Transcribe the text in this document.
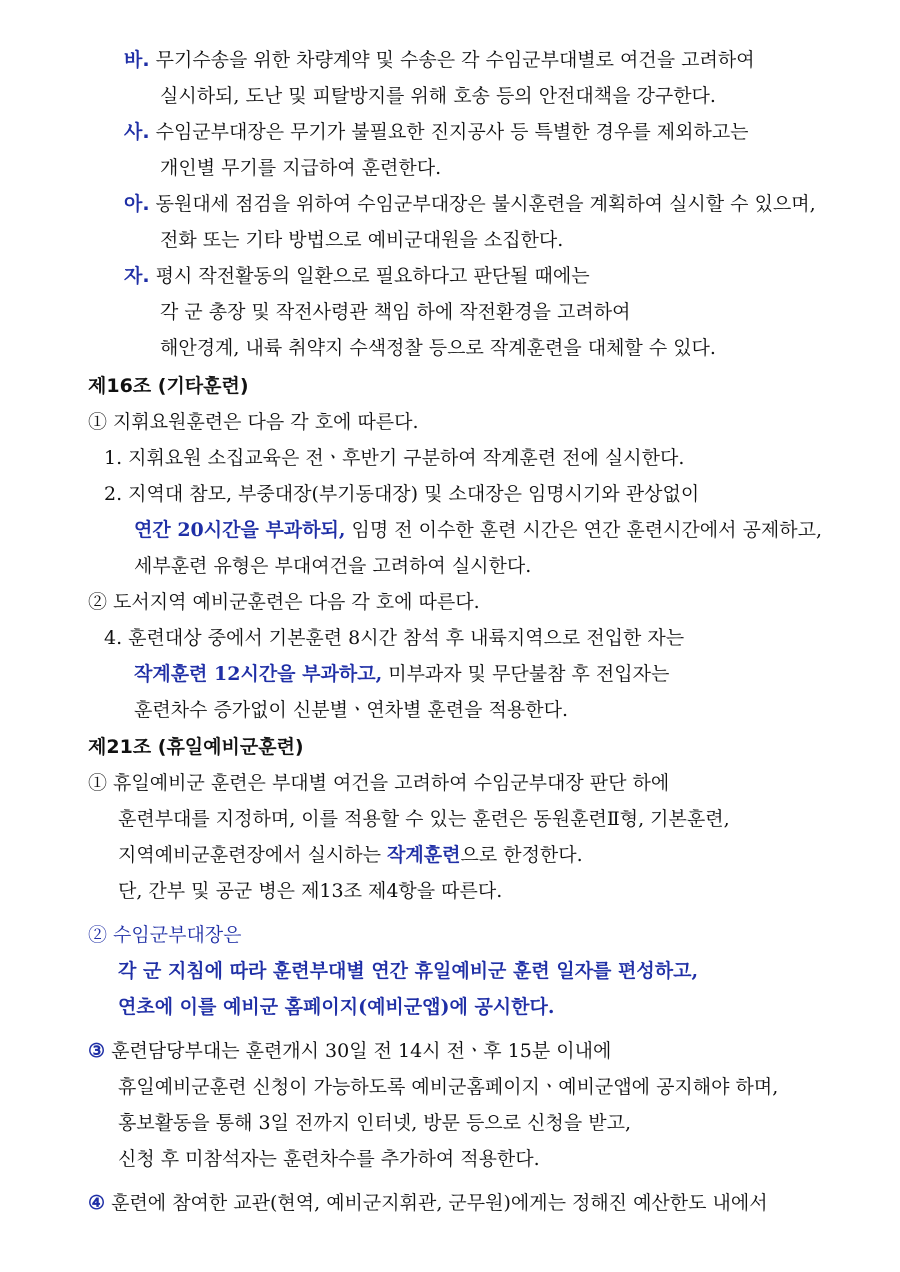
바. 무기수송을 위한 차량계약 및 수송은 각 수임군부대별로 여건을 고려하여
실시하되, 도난 및 피탈방지를 위해 호송 등의 안전대책을 강구한다.
사. 수임군부대장은 무기가 불필요한 진지공사 등 특별한 경우를 제외하고는
개인별 무기를 지급하여 훈련한다.
아. 동원대세 점검을 위하여 수임군부대장은 불시훈련을 계획하여 실시할 수 있으며,
전화 또는 기타 방법으로 예비군대원을 소집한다.
자. 평시 작전활동의 일환으로 필요하다고 판단될 때에는
각 군 총장 및 작전사령관 책임 하에 작전환경을 고려하여
해안경계, 내륙 취약지 수색정찰 등으로 작계훈련을 대체할 수 있다.
제16조 (기타훈련)
① 지휘요원훈련은 다음 각 호에 따른다.
1. 지휘요원 소집교육은 전ㆍ후반기 구분하여 작계훈련 전에 실시한다.
2. 지역대 참모, 부중대장(부기동대장) 및 소대장은 임명시기와 관상없이
연간 20시간을 부과하되, 임명 전 이수한 훈련 시간은 연간 훈련시간에서 공제하고,
세부훈련 유형은 부대여건을 고려하여 실시한다.
② 도서지역 예비군훈련은 다음 각 호에 따른다.
4. 훈련대상 중에서 기본훈련 8시간 참석 후 내륙지역으로 전입한 자는
작계훈련 12시간을 부과하고, 미부과자 및 무단불참 후 전입자는
훈련차수 증가없이 신분별ㆍ연차별 훈련을 적용한다.
제21조 (휴일예비군훈련)
① 휴일예비군 훈련은 부대별 여건을 고려하여 수임군부대장 판단 하에
훈련부대를 지정하며, 이를 적용할 수 있는 훈련은 동원훈련Ⅱ형, 기본훈련,
지역예비군훈련장에서 실시하는 작계훈련으로 한정한다.
단, 간부 및 공군 병은 제13조 제4항을 따른다.
② 수임군부대장은
각 군 지침에 따라 훈련부대별 연간 휴일예비군 훈련 일자를 편성하고,
연초에 이를 예비군 홈페이지(예비군앱)에 공시한다.
③ 훈련담당부대는 훈련개시 30일 전 14시 전ㆍ후 15분 이내에
휴일예비군훈련 신청이 가능하도록 예비군홈페이지ㆍ예비군앱에 공지해야 하며,
홍보활동을 통해 3일 전까지 인터넷, 방문 등으로 신청을 받고,
신청 후 미참석자는 훈련차수를 추가하여 적용한다.
④ 훈련에 참여한 교관(현역, 예비군지휘관, 군무원)에게는 정해진 예산한도 내에서
